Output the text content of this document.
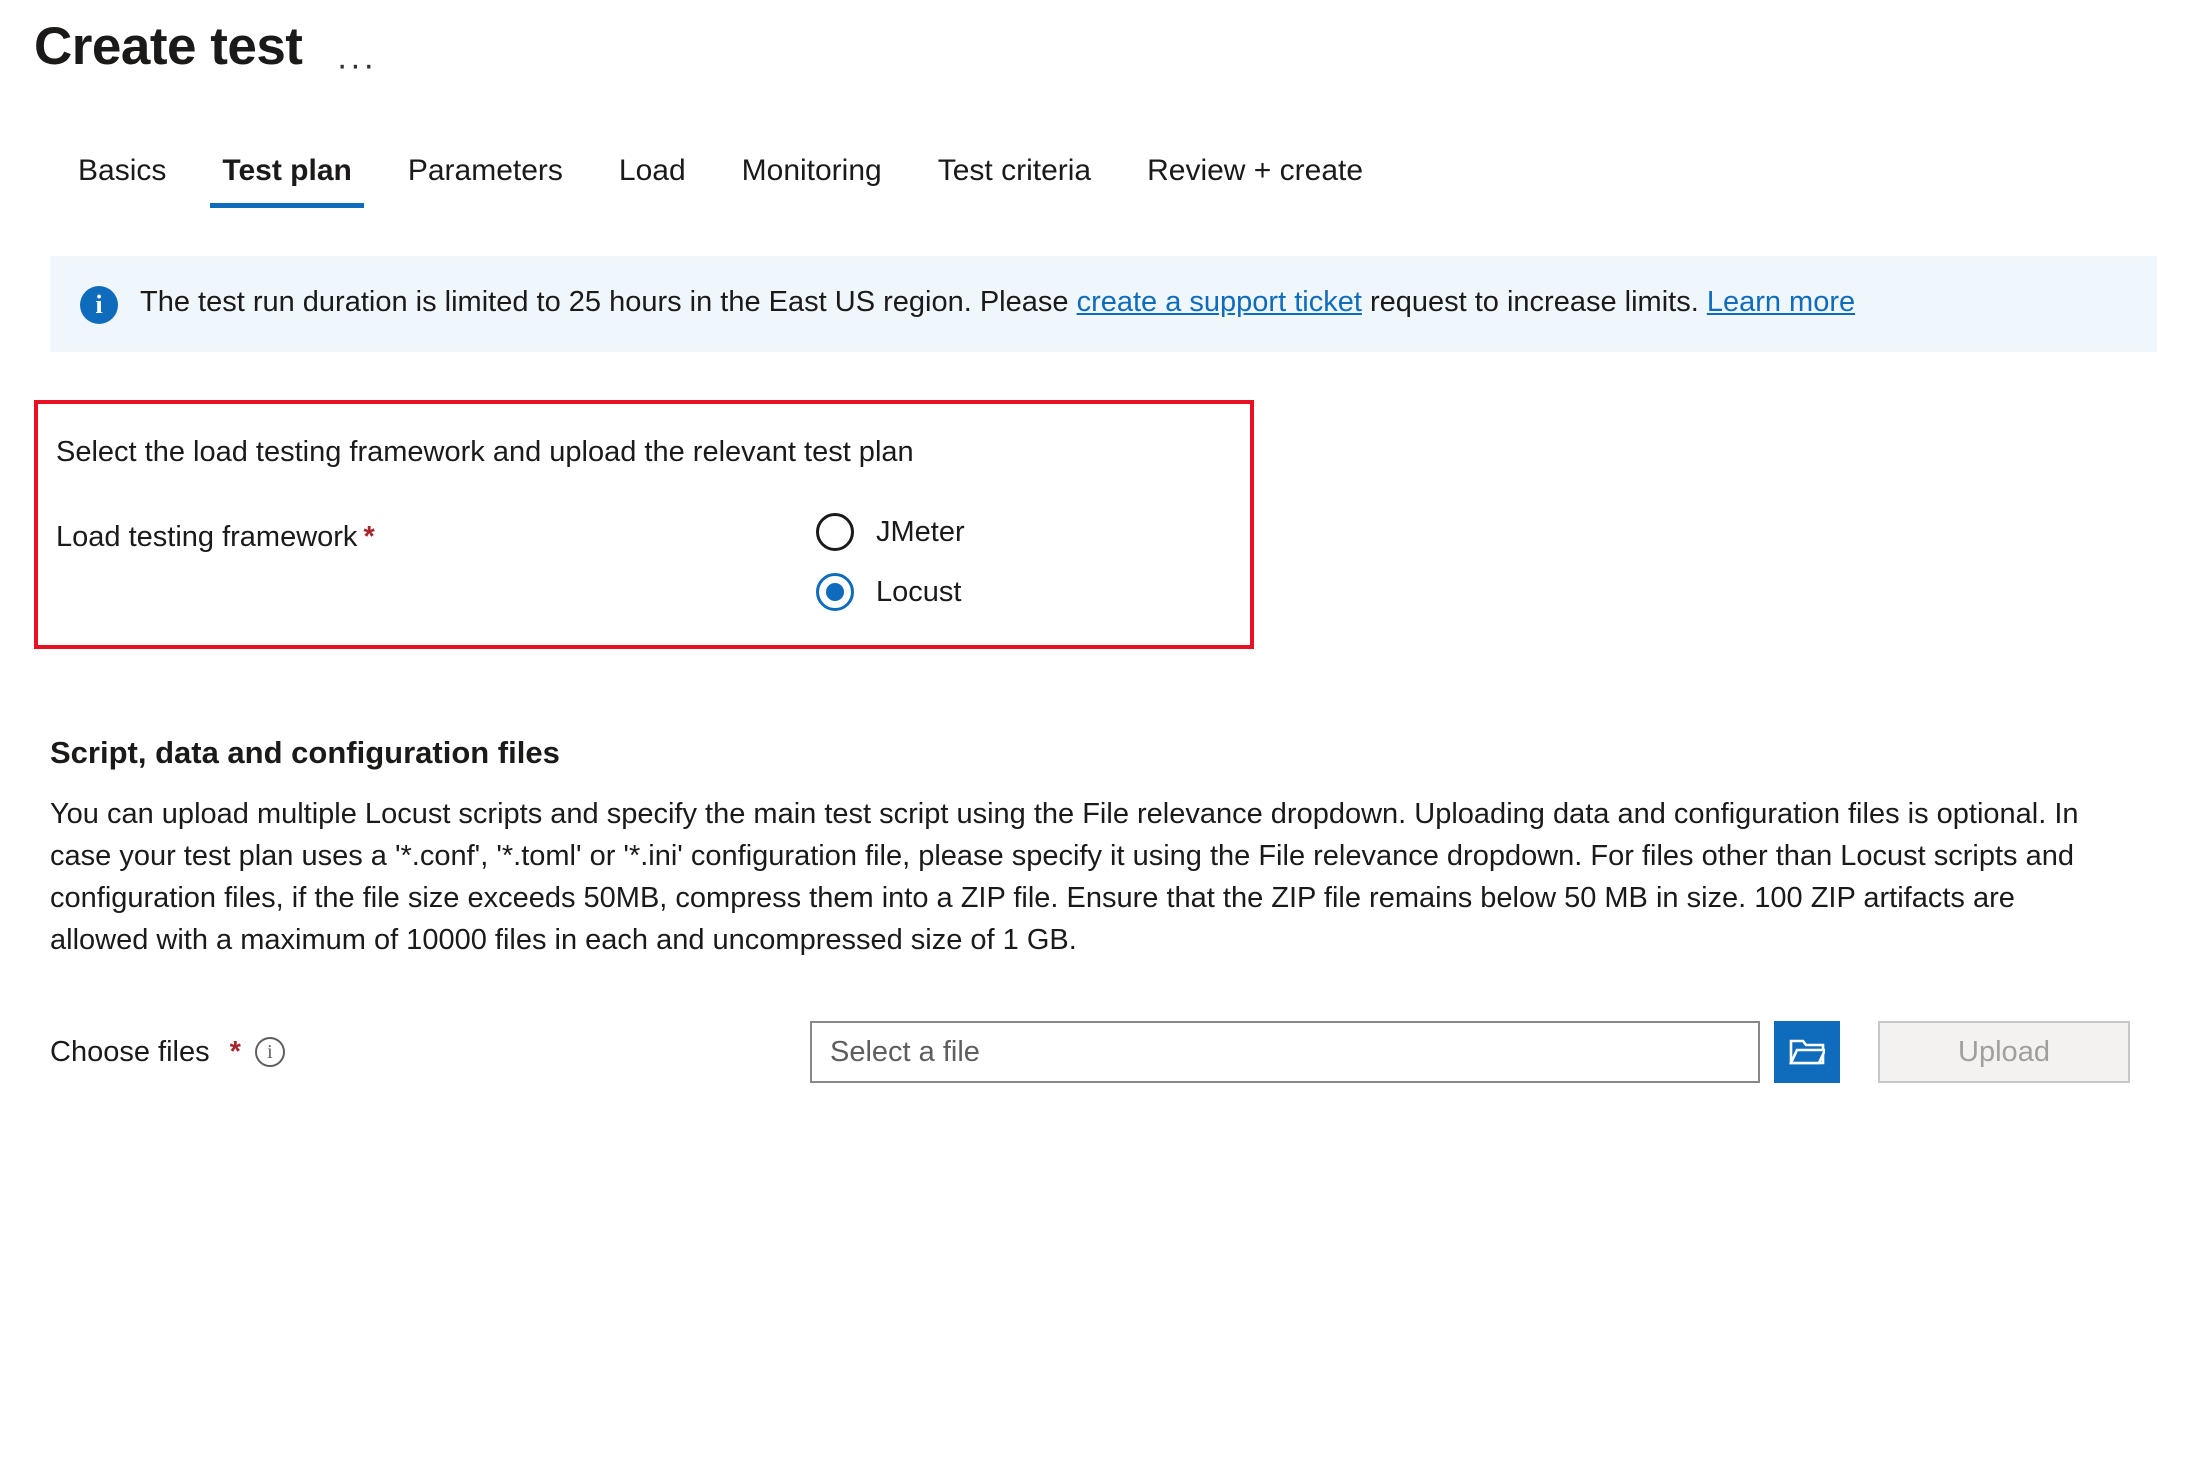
Create test ···
Basics	Test plan	Parameters	Load	Monitoring	Test criteria	Review + create
i	The test run duration is limited to 25 hours in the East US region. Please create a support ticket request to increase limits. Learn more
Select the load testing framework and upload the relevant test plan
Load testing framework *	JMeter
Locust
Script, data and configuration files
You can upload multiple Locust scripts and specify the main test script using the File relevance dropdown. Uploading data and configuration files is optional. In case your test plan uses a '*.conf', '*.toml' or '*.ini' configuration file, please specify it using the File relevance dropdown. For files other than Locust scripts and configuration files, if the file size exceeds 50MB, compress them into a ZIP file. Ensure that the ZIP file remains below 50 MB in size. 100 ZIP artifacts are allowed with a maximum of 10000 files in each and uncompressed size of 1 GB.
Choose files *	i
Select a file	Upload
